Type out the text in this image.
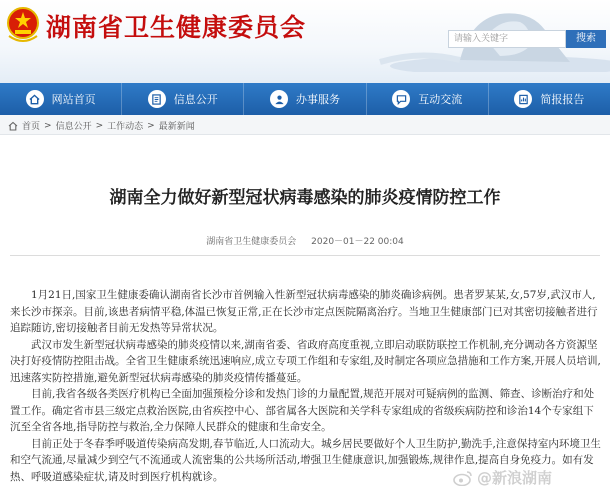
湖南省卫生健康委员会	请输入关键字	搜索
网站首页	信息公开	办事服务	互动交流	简报报告
首页 > 信息公开 > 工作动态 > 最新新闻
湖南全力做好新型冠状病毒感染的肺炎疫情防控工作
湖南省卫生健康委员会 2020－01－22 00:04

1月21日,国家卫生健康委确认湖南省长沙市首例输入性新型冠状病毒感染的肺炎确诊病例。患者罗某某,女,57岁,武汉市人,来长沙市探亲。目前,该患者病情平稳,体温已恢复正常,正在长沙市定点医院隔离治疗。当地卫生健康部门已对其密切接触者进行追踪随访,密切接触者目前无发热等异常状况。

武汉市发生新型冠状病毒感染的肺炎疫情以来,湖南省委、省政府高度重视,立即启动联防联控工作机制,充分调动各方资源坚决打好疫情防控阻击战。全省卫生健康系统迅速响应,成立专项工作组和专家组,及时制定各项应急措施和工作方案,开展人员培训,迅速落实防控措施,避免新型冠状病毒感染的肺炎疫情传播蔓延。

目前,我省各级各类医疗机构已全面加强预检分诊和发热门诊的力量配置,规范开展对可疑病例的监测、筛查、诊断治疗和处置工作。确定省市县三级定点救治医院,由省疾控中心、部省属各大医院和关学科专家组成的省级疾病防控和诊治14个专家组下沉至全省各地,指导防控与救治,全力保障人民群众的健康和生命安全。

目前正处于冬春季呼吸道传染病高发期,春节临近,人口流动大。城乡居民要做好个人卫生防护,勤洗手,注意保持室内环境卫生和空气流通,尽量减少到空气不流通或人流密集的公共场所活动,增强卫生健康意识,加强锻炼,规律作息,提高自身免疫力。如有发热、呼吸道感染症状,请及时到医疗机构就诊。	@新浪湖南
